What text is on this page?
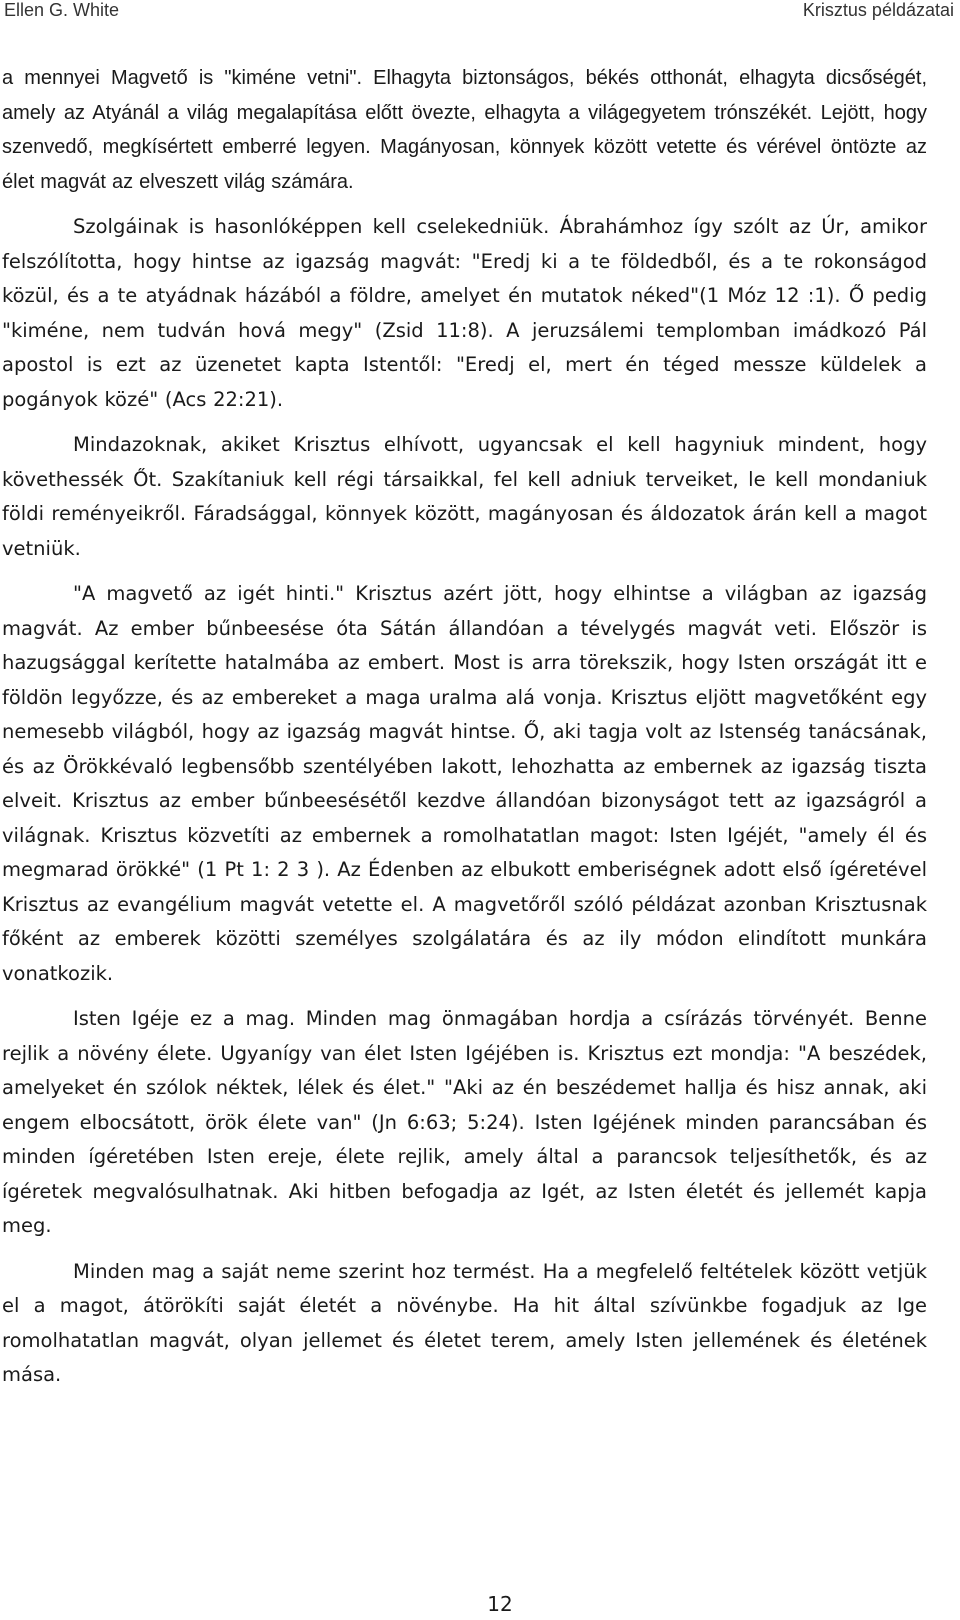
Ellen G. White	Krisztus példázatai

a mennyei Magvető is "kiméne vetni". Elhagyta biztonságos, békés otthonát, elhagyta dicsőségét, amely az Atyánál a világ megalapítása előtt övezte, elhagyta a világegyetem trónszékét. Lejött, hogy szenvedő, megkísértett emberré legyen. Magányosan, könnyek között vetette és vérével öntözte az élet magvát az elveszett világ számára.

Szolgáinak is hasonlóképpen kell cselekedniük. Ábrahámhoz így szólt az Úr, amikor felszólította, hogy hintse az igazság magvát: "Eredj ki a te földedből, és a te rokonságod közül, és a te atyádnak házából a földre, amelyet én mutatok néked"(1 Móz 12 :1). Ő pedig "kiméne, nem tudván hová megy" (Zsid 11:8). A jeruzsálemi templomban imádkozó Pál apostol is ezt az üzenetet kapta Istentől: "Eredj el, mert én téged messze küldelek a pogányok közé" (Acs 22:21).

Mindazoknak, akiket Krisztus elhívott, ugyancsak el kell hagyniuk mindent, hogy követhessék Őt. Szakítaniuk kell régi társaikkal, fel kell adniuk terveiket, le kell mondaniuk földi reményeikről. Fáradsággal, könnyek között, magányosan és áldozatok árán kell a magot vetniük.

"A magvető az igét hinti." Krisztus azért jött, hogy elhintse a világban az igazság magvát. Az ember bűnbeesése óta Sátán állandóan a tévelygés magvát veti. Először is hazugsággal kerítette hatalmába az embert. Most is arra törekszik, hogy Isten országát itt e földön legyőzze, és az embereket a maga uralma alá vonja. Krisztus eljött magvetőként egy nemesebb világból, hogy az igazság magvát hintse. Ő, aki tagja volt az Istenség tanácsának, és az Örökkévaló legbensőbb szentélyében lakott, lehozhatta az embernek az igazság tiszta elveit. Krisztus az ember bűnbeesésétől kezdve állandóan bizonyságot tett az igazságról a világnak. Krisztus közvetíti az embernek a romolhatatlan magot: Isten Igéjét, "amely él és megmarad örökké" (1 Pt 1: 2 3 ). Az Édenben az elbukott emberiségnek adott első ígéretével Krisztus az evangélium magvát vetette el. A magvetőről szóló példázat azonban Krisztusnak főként az emberek közötti személyes szolgálatára és az ily módon elindított munkára vonatkozik.

Isten Igéje ez a mag. Minden mag önmagában hordja a csírázás törvényét. Benne rejlik a növény élete. Ugyanígy van élet Isten Igéjében is. Krisztus ezt mondja: "A beszédek, amelyeket én szólok néktek, lélek és élet." "Aki az én beszédemet hallja és hisz annak, aki engem elbocsátott, örök élete van" (Jn 6:63; 5:24). Isten Igéjének minden parancsában és minden ígéretében Isten ereje, élete rejlik, amely által a parancsok teljesíthetők, és az ígéretek megvalósulhatnak. Aki hitben befogadja az Igét, az Isten életét és jellemét kapja meg.

Minden mag a saját neme szerint hoz termést. Ha a megfelelő feltételek között vetjük el a magot, átörökíti saját életét a növénybe. Ha hit által szívünkbe fogadjuk az Ige romolhatatlan magvát, olyan jellemet és életet terem, amely Isten jellemének és életének mása.

12
